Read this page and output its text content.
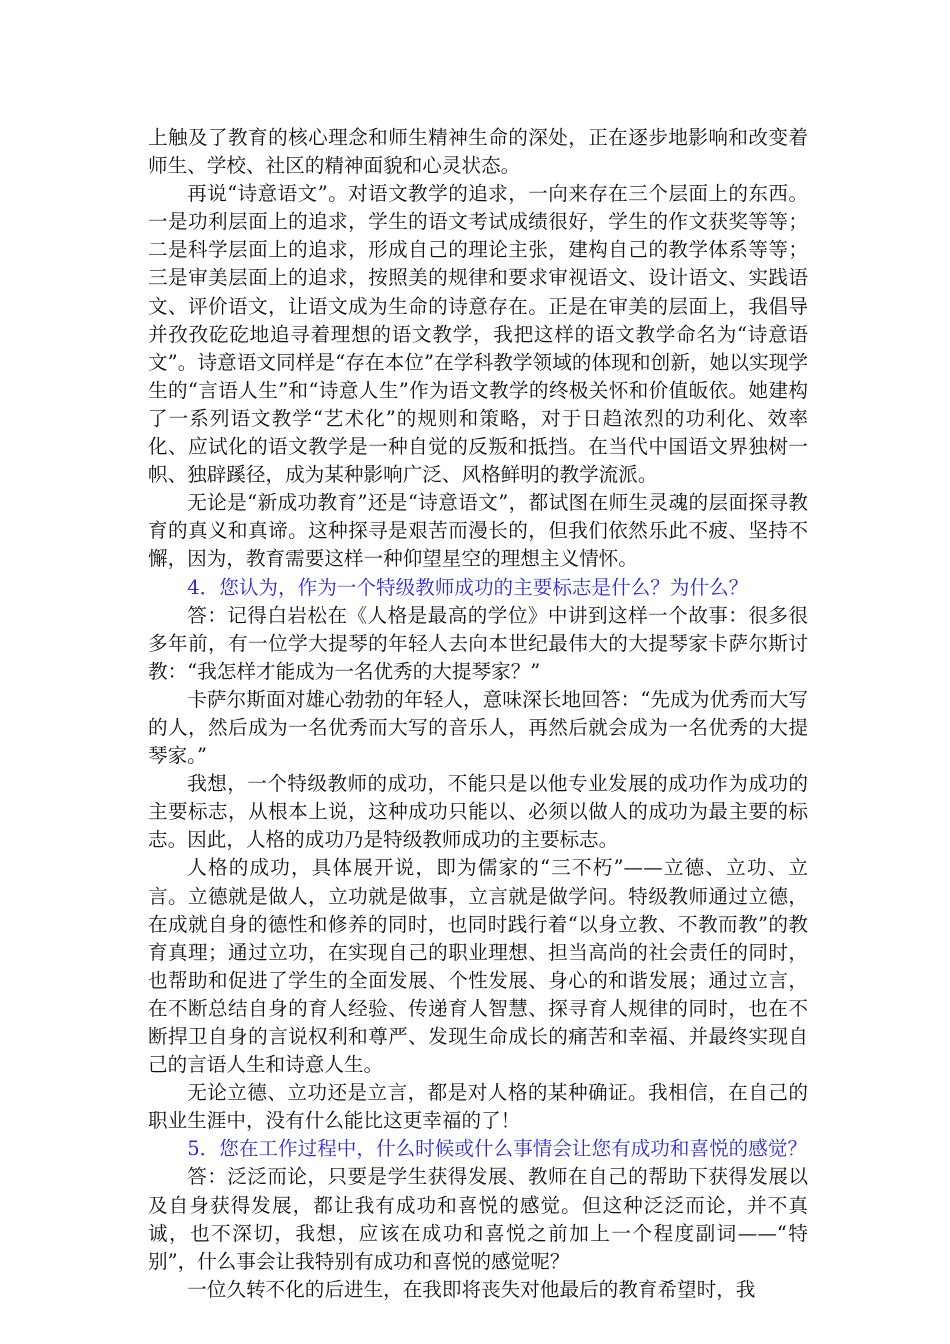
上触及了教育的核心理念和师生精神生命的深处，正在逐步地影响和改变着师生、学校、社区的精神面貌和心灵状态。

再说“诗意语文”。对语文教学的追求，一向来存在三个层面上的东西。一是功利层面上的追求，学生的语文考试成绩很好，学生的作文获奖等等；二是科学层面上的追求，形成自己的理论主张，建构自己的教学体系等等；三是审美层面上的追求，按照美的规律和要求审视语文、设计语文、实践语文、评价语文，让语文成为生命的诗意存在。正是在审美的层面上，我倡导并孜孜矻矻地追寻着理想的语文教学，我把这样的语文教学命名为“诗意语文”。诗意语文同样是“存在本位”在学科教学领域的体现和创新，她以实现学生的“言语人生”和“诗意人生”作为语文教学的终极关怀和价值皈依。她建构了一系列语文教学“艺术化”的规则和策略，对于日趋浓烈的功利化、效率化、应试化的语文教学是一种自觉的反叛和抵挡。在当代中国语文界独树一帜、独辟蹊径，成为某种影响广泛、风格鲜明的教学流派。

无论是“新成功教育”还是“诗意语文”，都试图在师生灵魂的层面探寻教育的真义和真谛。这种探寻是艰苦而漫长的，但我们依然乐此不疲、坚持不懈，因为，教育需要这样一种仰望星空的理想主义情怀。

4．您认为，作为一个特级教师成功的主要标志是什么？为什么？

答：记得白岩松在《人格是最高的学位》中讲到这样一个故事：很多很多年前，有一位学大提琴的年轻人去向本世纪最伟大的大提琴家卡萨尔斯讨教：“我怎样才能成为一名优秀的大提琴家？”

卡萨尔斯面对雄心勃勃的年轻人，意味深长地回答：“先成为优秀而大写的人，然后成为一名优秀而大写的音乐人，再然后就会成为一名优秀的大提琴家。”

我想，一个特级教师的成功，不能只是以他专业发展的成功作为成功的主要标志，从根本上说，这种成功只能以、必须以做人的成功为最主要的标志。因此，人格的成功乃是特级教师成功的主要标志。

人格的成功，具体展开说，即为儒家的“三不朽”——立德、立功、立言。立德就是做人，立功就是做事，立言就是做学问。特级教师通过立德，在成就自身的德性和修养的同时，也同时践行着“以身立教、不教而教”的教育真理；通过立功，在实现自己的职业理想、担当高尚的社会责任的同时，也帮助和促进了学生的全面发展、个性发展、身心的和谐发展；通过立言，在不断总结自身的育人经验、传递育人智慧、探寻育人规律的同时，也在不断捍卫自身的言说权利和尊严、发现生命成长的痛苦和幸福、并最终实现自己的言语人生和诗意人生。

无论立德、立功还是立言，都是对人格的某种确证。我相信，在自己的职业生涯中，没有什么能比这更幸福的了！

5．您在工作过程中，什么时候或什么事情会让您有成功和喜悦的感觉？

答：泛泛而论，只要是学生获得发展、教师在自己的帮助下获得发展以及自身获得发展，都让我有成功和喜悦的感觉。但这种泛泛而论，并不真诚，也不深切，我想，应该在成功和喜悦之前加上一个程度副词——“特别”，什么事会让我特别有成功和喜悦的感觉呢？

一位久转不化的后进生，在我即将丧失对他最后的教育希望时，我
